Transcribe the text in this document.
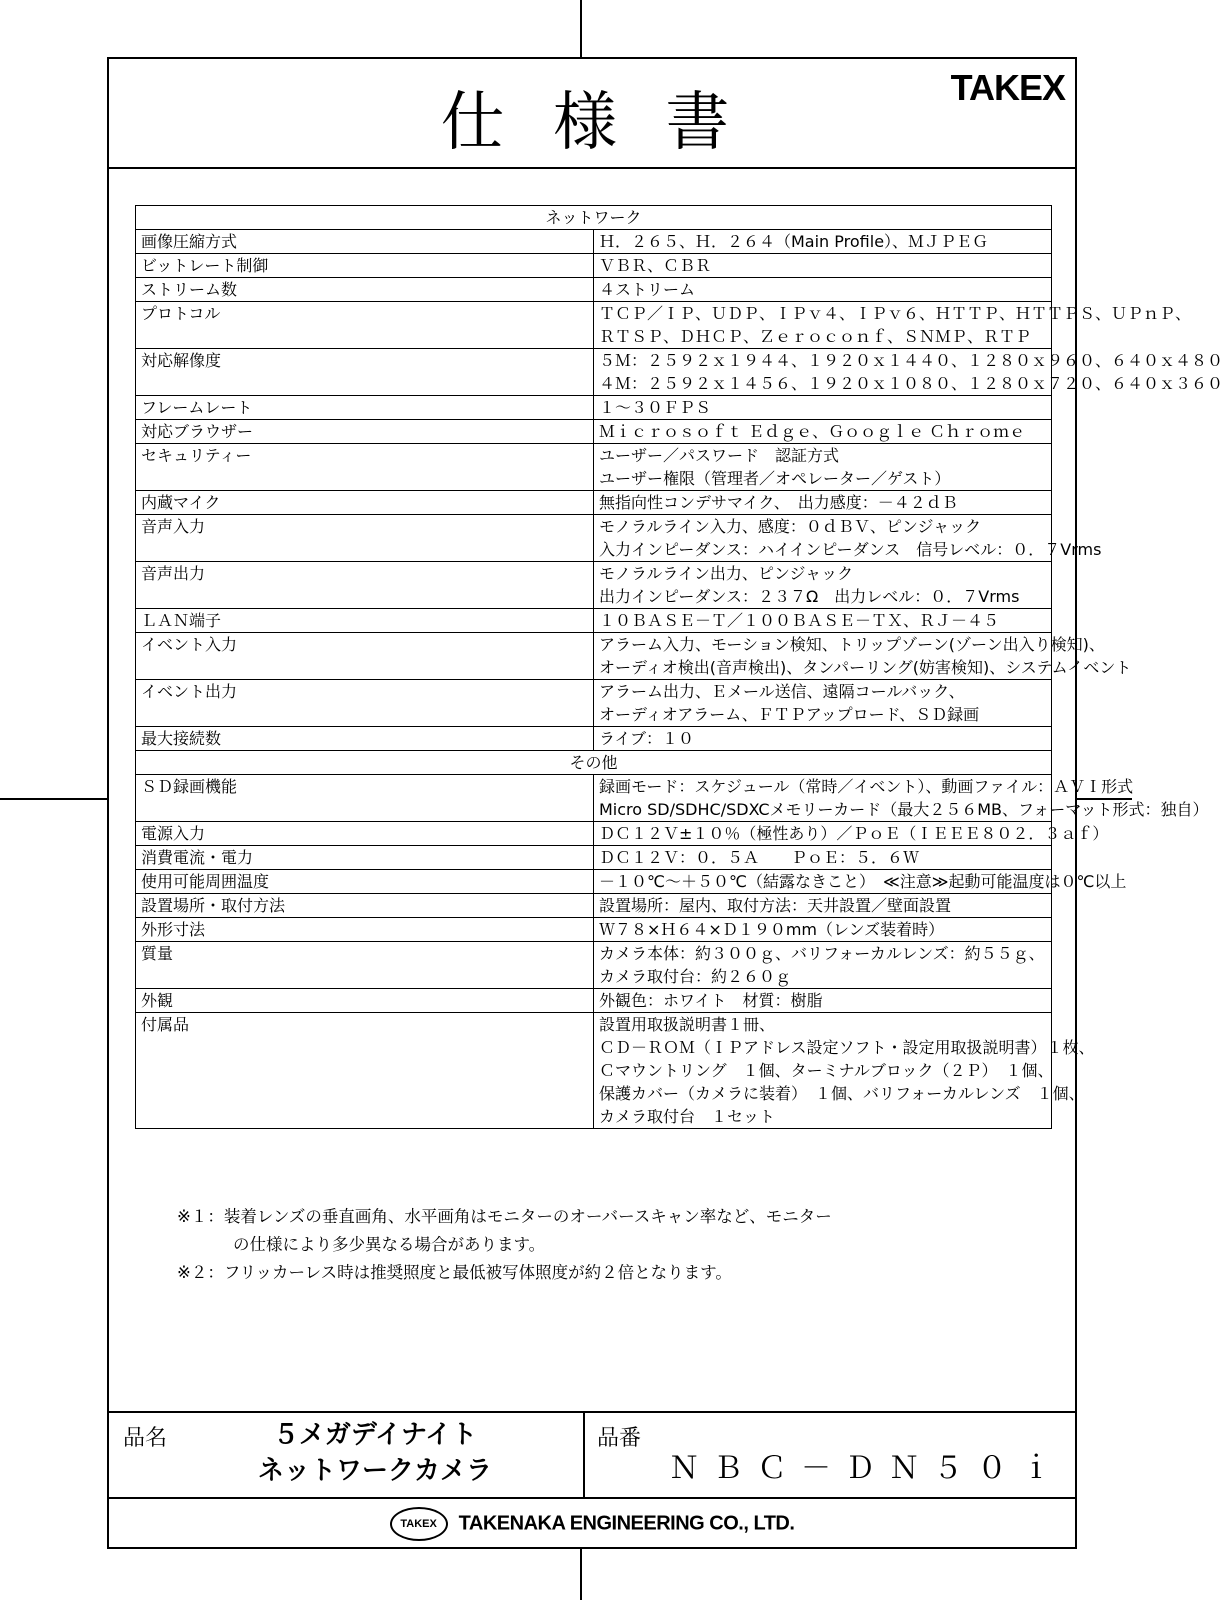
仕 様 書	TAKEX
ネットワーク	
画像圧縮方式	Ｈ．２６５、Ｈ．２６４（Main Profile）、ＭＪＰＥＧ

ビットレート制御	ＶＢＲ、ＣＢＲ

ストリーム数	４ストリーム

プロトコル	ＴＣＰ／ＩＰ、ＵＤＰ、ＩＰｖ４、ＩＰｖ６、ＨＴＴＰ、ＨＴＴＰＳ、ＵＰｎＰ、
ＲＴＳＰ、ＤＨＣＰ、Ｚｅｒｏｃｏｎｆ、ＳＮＭＰ、ＲＴＰ

対応解像度	５Ｍ：２５９２ｘ１９４４、１９２０ｘ１４４０、１２８０ｘ９６０、６４０ｘ４８０
４Ｍ：２５９２ｘ１４５６、１９２０ｘ１０８０、１２８０ｘ７２０、６４０ｘ３６０

フレームレート	１～３０ＦＰＳ

対応ブラウザー	Ｍｉｃｒｏｓｏｆｔ Ｅｄｇｅ、Ｇｏｏｇｌｅ Ｃｈｒｏｍｅ

セキュリティー	ユーザー／パスワード　認証方式
ユーザー権限（管理者／オペレーター／ゲスト）

内蔵マイク	無指向性コンデサマイク、　出力感度：－４２ｄＢ

音声入力	モノラルライン入力、感度：０ｄＢＶ、ピンジャック
入力インピーダンス：ハイインピーダンス　信号レベル：０．７Vrms

音声出力	モノラルライン出力、ピンジャック
出力インピーダンス：２３７Ω　出力レベル：０．７Vrms

ＬＡＮ端子	１０ＢＡＳＥ－Ｔ／１００ＢＡＳＥ－ＴＸ、ＲＪ－４５

イベント入力	アラーム入力、モーション検知、トリップゾーン(ゾーン出入り検知)、
オーディオ検出(音声検出)、タンパーリング(妨害検知)、システムイベント

イベント出力	アラーム出力、Ｅメール送信、遠隔コールバック、
オーディオアラーム、ＦＴＰアップロード、ＳＤ録画

最大接続数	ライブ：１０

その他	
ＳＤ録画機能	録画モード：スケジュール（常時／イベント）、動画ファイル：ＡＶＩ形式
Micro SD/SDHC/SDXCメモリーカード（最大２５６MB、フォーマット形式：独自）

電源入力	ＤＣ１２Ｖ±１０％（極性あり）／ＰｏＥ（ＩＥＥＥ８０２．３ａｆ）

消費電流・電力	ＤＣ１２Ｖ：０．５Ａ　　ＰｏＥ：５．６Ｗ

使用可能周囲温度	－１０℃～＋５０℃（結露なきこと）　≪注意≫起動可能温度は０℃以上

設置場所・取付方法	設置場所：屋内、取付方法：天井設置／壁面設置

外形寸法	Ｗ７８×Ｈ６４×Ｄ１９０mm（レンズ装着時）

質量	カメラ本体：約３００ｇ、バリフォーカルレンズ：約５５ｇ、
カメラ取付台：約２６０ｇ

外観	外観色：ホワイト　材質：樹脂

付属品	設置用取扱説明書１冊、
ＣＤ－ＲＯＭ（ＩＰアドレス設定ソフト・設定用取扱説明書）１枚、
Ｃマウントリング　１個、ターミナルブロック（２Ｐ）　１個、
保護カバー（カメラに装着）　１個、バリフォーカルレンズ　１個、
カメラ取付台　１セット
※１：装着レンズの垂直画角、水平画角はモニターのオーバースキャン率など、モニター
の仕様により多少異なる場合があります。
※２：フリッカーレス時は推奨照度と最低被写体照度が約２倍となります。
品名	５メガデイナイト
ネットワークカメラ
品番
ＮＢＣ－ＤＮ５０ｉ
TAKEX TAKENAKA ENGINEERING CO., LTD.
